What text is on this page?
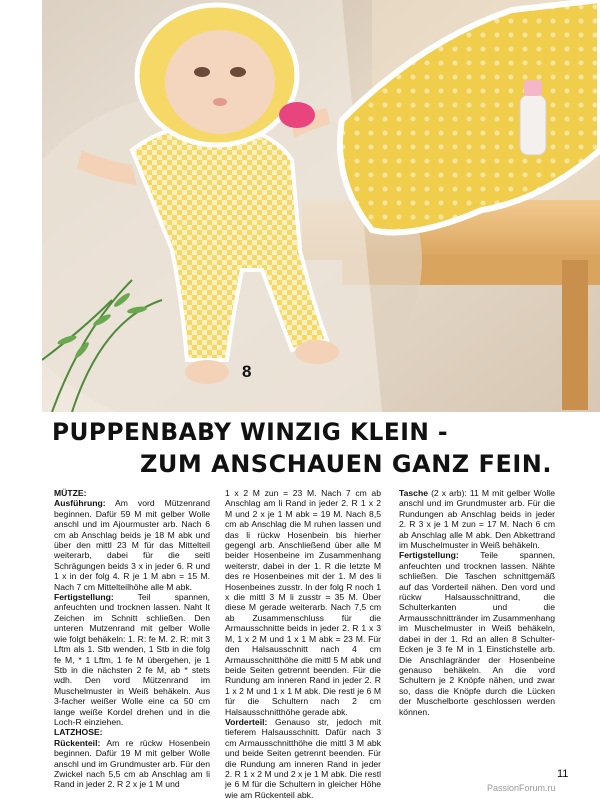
8
PUPPENBABY WINZIG KLEIN -
ZUM ANSCHAUEN GANZ FEIN.

MÜTZE:

Ausführung: Am vord Mützenrand beginnen. Dafür 59 M mit gelber Wolle anschl und im Ajourmuster arb. Nach 6 cm ab Anschlag beids je 18 M abk und über den mittl 23 M für das Mittelteil weiterarb, dabei für die seitl Schrägungen beids 3 x in jeder 6. R und 1 x in der folg 4. R je 1 M abn = 15 M. Nach 7 cm Mittelteilhöhe alle M abk.

Fertigstellung: Teil spannen, anfeuchten und trocknen lassen. Naht It Zeichen im Schnitt schließen. Den unteren Mutzenrand mit gelber Wolle wie folgt behäkeln: 1. R: fe M. 2. R: mit 3 Lftm als 1. Stb wenden, 1 Stb in die folg fe M, * 1 Lftm, 1 fe M übergehen, je 1 Stb in die nächsten 2 fe M, ab * stets wdh. Den vord Mützenrand im Muschelmuster in Weiß behäkeln. Aus 3-facher weißer Wolle eine ca 50 cm lange weiße Kordel drehen und in die Loch-R einziehen.

LATZHOSE:

Rückenteil: Am re rückw Hosenbein beginnen. Dafür 19 M mit gelber Wolle anschl und im Grundmuster arb. Für den Zwickel nach 5,5 cm ab Anschlag am li Rand in jeder 2. R 2 x je 1 M und

1 x 2 M zun = 23 M. Nach 7 cm ab Anschlag am li Rand in jeder 2. R 1 x 2 M und 2 x je 1 M abk = 19 M. Nach 8,5 cm ab Anschlag die M ruhen lassen und das li rückw Hosenbein bis hierher gegengl arb. Anschließend über alle M beider Hosenbeine im Zusammenhang weiterstr, dabei in der 1. R die letzte M des re Hosenbeines mit der 1. M des li Hosenbeines zusstr. In der folg R noch 1 x die mittl 3 M li zusstr = 35 M. Über diese M gerade weiterarb. Nach 7,5 cm ab Zusammenschluss für die Armausschnitte beids in jeder 2. R 1 x 3 M, 1 x 2 M und 1 x 1 M abk = 23 M. Für den Halsausschnitt nach 4 cm Armausschnitthöhe die mittl 5 M abk und beide Seiten getrennt beenden. Für die Rundung am inneren Rand in jeder 2. R 1 x 2 M und 1 x 1 M abk. Die restl je 6 M für die Schultern nach 2 cm Halsausschnitthöhe gerade abk.

Vorderteil: Genauso str, jedoch mit tieferem Halsausschnitt. Dafür nach 3 cm Armausschnitthöhe die mittl 3 M abk und beide Seiten getrennt beenden. Für die Rundung am inneren Rand in jeder 2. R 1 x 2 M und 2 x je 1 M abk. Die restl je 6 M für die Schultern in gleicher Höhe wie am Rückenteil abk.

Tasche (2 x arb): 11 M mit gelber Wolle anschl und im Grundmuster arb. Für die Rundungen ab Anschlag beids in jeder 2. R 3 x je 1 M zun = 17 M. Nach 6 cm ab Anschlag alle M abk. Den Abkettrand im Muschelmuster in Weiß behäkeln.

Fertigstellung: Teile spannen, anfeuchten und trocknen lassen. Nähte schließen. Die Taschen schnittgemäß auf das Vorderteil nähen. Den vord und rückw Halsausschnittrand, die Schulterkanten und die Armausschnittränder im Zusammenhang im Muschelmuster in Weiß behäkeln, dabei in der 1. Rd an allen 8 Schulter-Ecken je 3 fe M in 1 Einstichstelle arb. Die Anschlagränder der Hosenbeine genauso behäkeln. An die vord Schultern je 2 Knöpfe nähen, und zwar so, dass die Knöpfe durch die Lücken der Muschelborte geschlossen werden können.

11
PassionForum.ru
